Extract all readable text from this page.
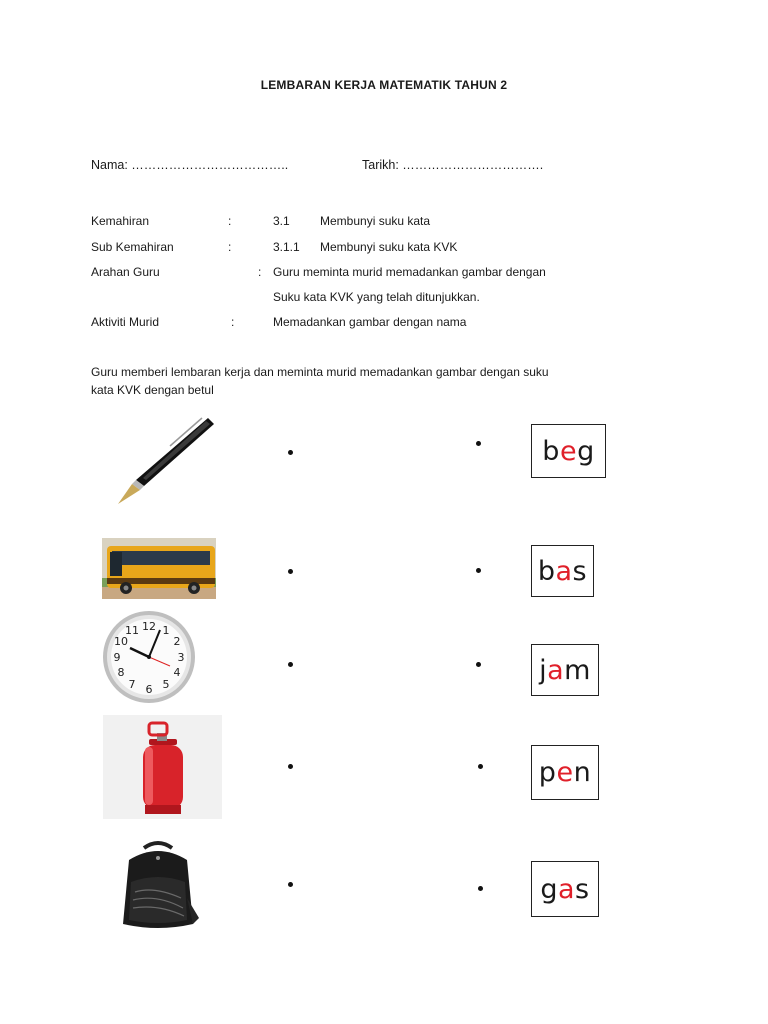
LEMBARAN KERJA MATEMATIK TAHUN 2
Nama: ………………………………..	Tarikh: …………………………….
Kemahiran	:	3.1	Membunyi suku kata
Sub Kemahiran	:	3.1.1 Membunyi suku kata KVK
Arahan Guru	: Guru meminta murid memadankan gambar dengan
Suku kata KVK yang telah ditunjukkan.
Aktiviti Murid	:	Memadankan gambar dengan nama
Guru memberi lembaran kerja dan meminta murid memadankan gambar dengan suku
kata KVK dengan betul
12 1
2
3
4
5
6
7
8
9
10
11
b e g
b a s
j a m
p e n
g a s
